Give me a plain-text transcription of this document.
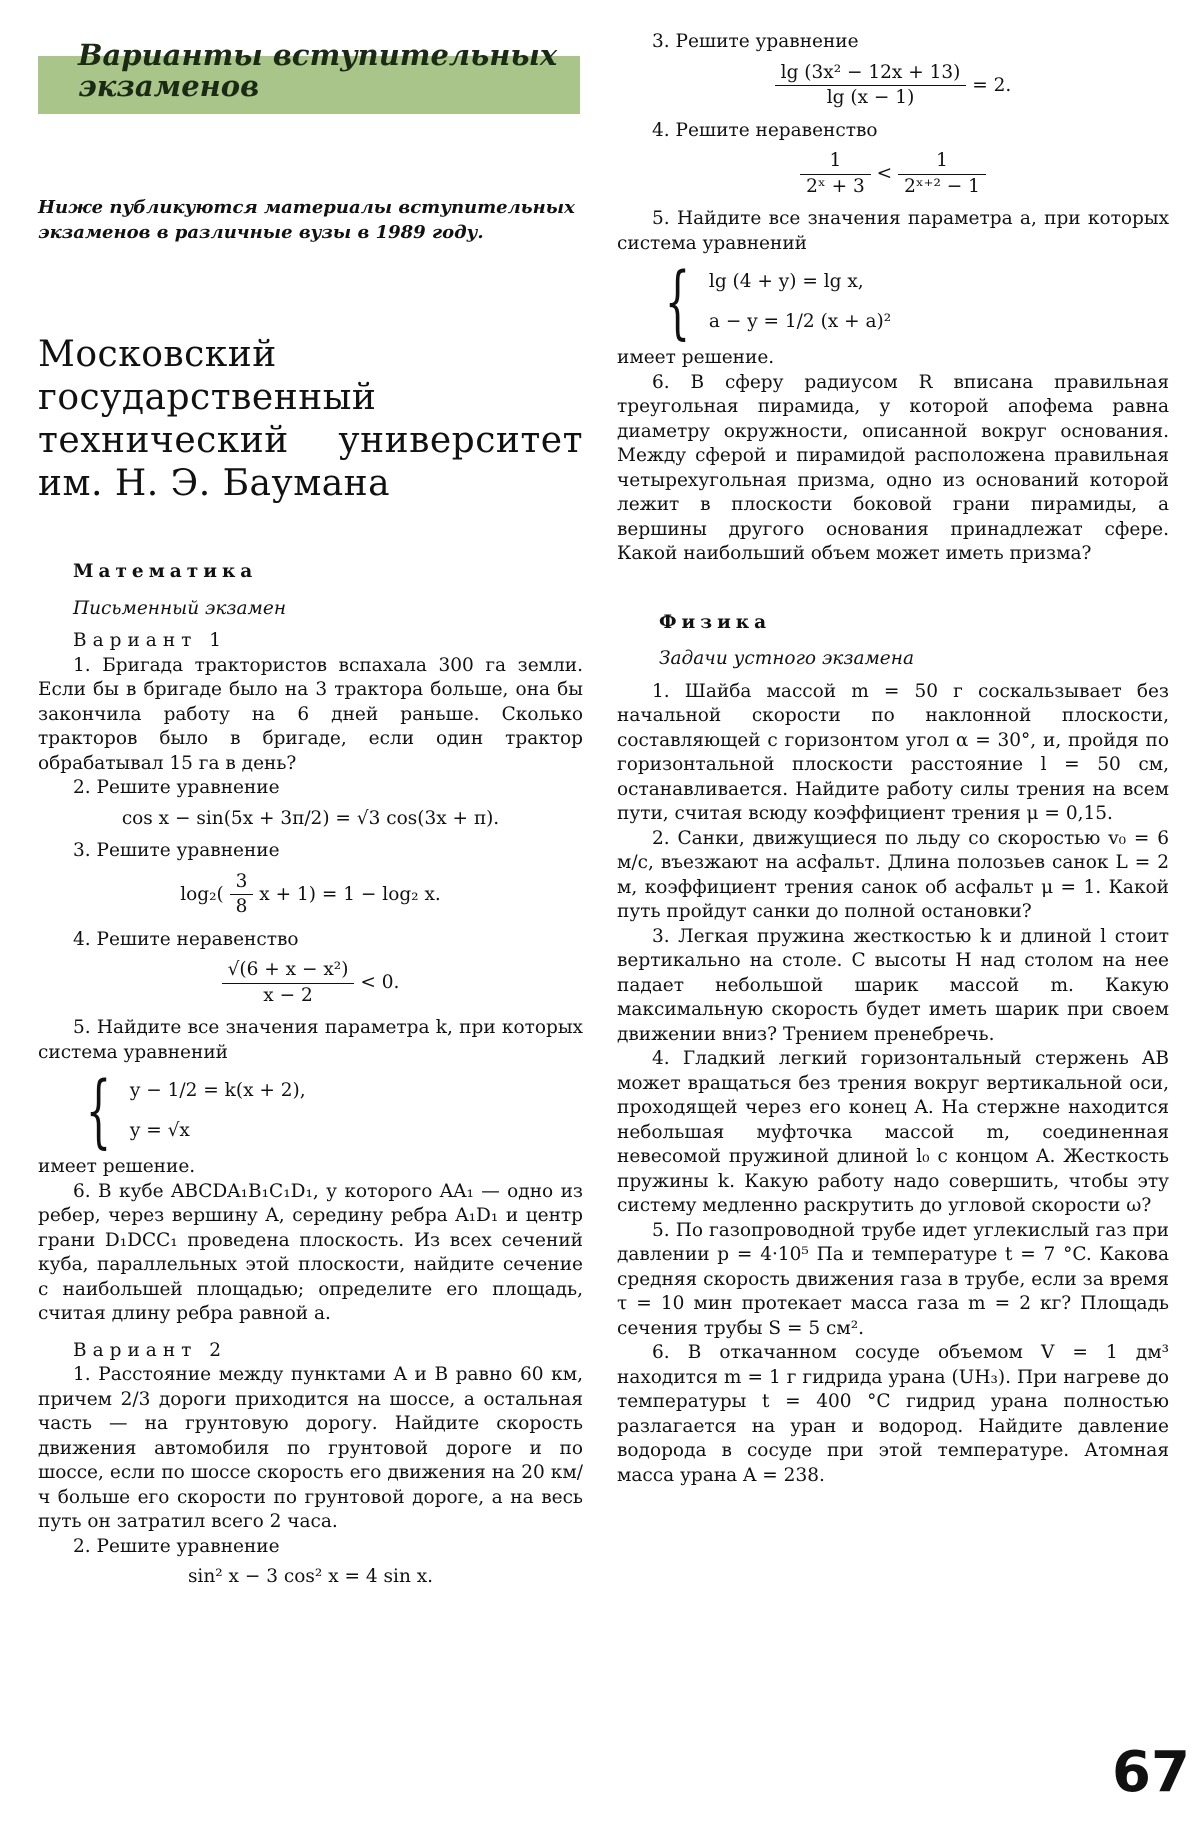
Варианты вступительных экзаменов
Ниже публикуются материалы вступительных экзаменов в различные вузы в 1989 году.
Московский
государственный
технический университет
им. Н. Э. Баумана

Математика

Письменный экзамен

Вариант 1

1. Бригада трактористов вспахала 300 га земли. Если бы в бригаде было на 3 трактора больше, она бы закончила работу на 6 дней раньше. Сколько тракторов было в бригаде, если один трактор обрабатывал 15 га в день?

2. Решите уравнение

cos x − sin(5x + 3π/2) = √3 cos(3x + π).

3. Решите уравнение

$\log_2( \frac{3}{8}$ x + 1) = 1 − log₂ x.

4. Решите неравенство

$\frac{\text{√(6 + x − x²)}}{x - 2} < 0$.

5. Найдите все значения параметра k, при которых система уравнений

{ y − 1/2 = k(x + 2),
y = √x

имеет решение.

6. В кубе ABCDA₁B₁C₁D₁, у которого AA₁ — одно из ребер, через вершину A, середину ребра A₁D₁ и центр грани D₁DCC₁ проведена плоскость. Из всех сечений куба, параллельных этой плоскости, найдите сечение с наибольшей площадью; определите его площадь, считая длину ребра равной a.

Вариант 2

1. Расстояние между пунктами A и B равно 60 км, причем 2/3 дороги приходится на шоссе, а остальная часть — на грунтовую дорогу. Найдите скорость движения автомобиля по грунтовой дороге и по шоссе, если по шоссе скорость его движения на 20 км/ч больше его скорости по грунтовой дороге, а на весь путь он затратил всего 2 часа.

2. Решите уравнение

sin² x − 3 cos² x = 4 sin x.

3. Решите уравнение

$\frac{\text{lg (3x² − 12x + 13)}}{\lg (x - 1)} = 2$.

4. Решите неравенство

$\frac{1}{\text{2ˣ + 3}} < \frac{1}{\text{2ˣ⁺² − 1}}$

5. Найдите все значения параметра a, при которых система уравнений

{ lg (4 + y) = lg x,
a − y = 1/2 (x + a)²

имеет решение.

6. В сферу радиусом R вписана правильная треугольная пирамида, у которой апофема равна диаметру окружности, описанной вокруг основания. Между сферой и пирамидой расположена правильная четырехугольная призма, одно из оснований которой лежит в плоскости боковой грани пирамиды, а вершины другого основания принадлежат сфере. Какой наибольший объем может иметь призма?

Физика

Задачи устного экзамена

1. Шайба массой m = 50 г соскальзывает без начальной скорости по наклонной плоскости, составляющей с горизонтом угол α = 30°, и, пройдя по горизонтальной плоскости расстояние l = 50 см, останавливается. Найдите работу силы трения на всем пути, считая всюду коэффициент трения μ = 0,15.

2. Санки, движущиеся по льду со скоростью v₀ = 6 м/с, въезжают на асфальт. Длина полозьев санок L = 2 м, коэффициент трения санок об асфальт μ = 1. Какой путь пройдут санки до полной остановки?

3. Легкая пружина жесткостью k и длиной l стоит вертикально на столе. С высоты H над столом на нее падает небольшой шарик массой m. Какую максимальную скорость будет иметь шарик при своем движении вниз? Трением пренебречь.

4. Гладкий легкий горизонтальный стержень AB может вращаться без трения вокруг вертикальной оси, проходящей через его конец A. На стержне находится небольшая муфточка массой m, соединенная невесомой пружиной длиной l₀ с концом A. Жесткость пружины k. Какую работу надо совершить, чтобы эту систему медленно раскрутить до угловой скорости ω?

5. По газопроводной трубе идет углекислый газ при давлении p = 4·10⁵ Па и температуре t = 7 °C. Какова средняя скорость движения газа в трубе, если за время τ = 10 мин протекает масса газа m = 2 кг? Площадь сечения трубы S = 5 см².

6. В откачанном сосуде объемом V = 1 дм³ находится m = 1 г гидрида урана (UH₃). При нагреве до температуры t = 400 °C гидрид урана полностью разлагается на уран и водород. Найдите давление водорода в сосуде при этой температуре. Атомная масса урана A = 238.

67
